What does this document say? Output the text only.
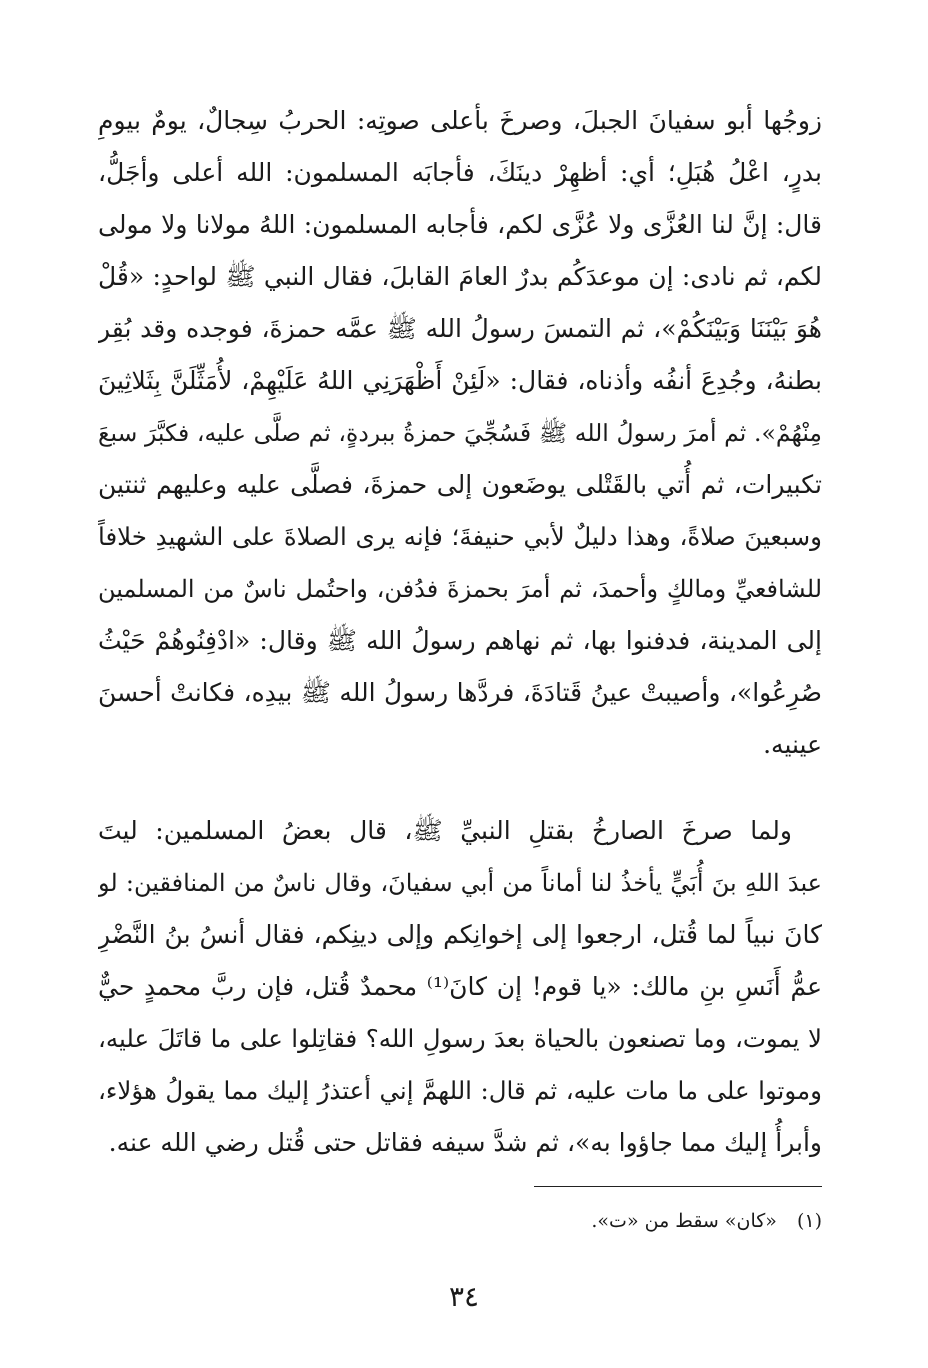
زوجُها أبو سفيانَ الجبلَ، وصرخَ بأعلى صوتِه: الحربُ سِجالٌ، يومٌ بيومِ
بدرٍ، اعْلُ هُبَلِ؛ أي: أظهِرْ دينَكَ، فأجابَه المسلمون: الله أعلى وأجَلُّ،
قال: إنَّ لنا العُزَّى ولا عُزَّى لكم، فأجابه المسلمون: اللهُ مولانا ولا مولى
لكم، ثم نادى: إن موعدَكُم بدرٌ العامَ القابلَ، فقال النبي ﷺ لواحدٍ: «قُلْ
هُوَ بَيْنَنَا وَبَيْنَكُمْ»، ثم التمسَ رسولُ الله ﷺ عمَّه حمزةَ، فوجده وقد بُقِر
بطنهُ، وجُدِعَ أنفُه وأذناه، فقال: «لَئِنْ أَظْهَرَنِي اللهُ عَلَيْهِمْ، لأُمَثِّلَنَّ بِثَلاثِينَ
مِنْهُمْ». ثم أمرَ رسولُ الله ﷺ فَسُجِّيَ حمزةُ ببردةٍ، ثم صلَّى عليه، فكبَّرَ سبعَ
تكبيرات، ثم أُتي بالقَتْلى يوضَعون إلى حمزةَ، فصلَّى عليه وعليهم ثنتين
وسبعينَ صلاةً، وهذا دليلٌ لأبي حنيفةَ؛ فإنه يرى الصلاةَ على الشهيدِ خلافاً
للشافعيِّ ومالكٍ وأحمدَ، ثم أمرَ بحمزةَ فدُفن، واحتُمل ناسٌ من المسلمين
إلى المدينة، فدفنوا بها، ثم نهاهم رسولُ الله ﷺ وقال: «ادْفِنُوهُمْ حَيْثُ
صُرِعُوا»، وأصيبتْ عينُ قَتادَةَ، فردَّها رسولُ الله ﷺ بيدِه، فكانتْ أحسنَ
عينيه.
ولما صرخَ الصارخُ بقتلِ النبيِّ ﷺ، قال بعضُ المسلمين: ليتَ
عبدَ اللهِ بنَ أُبَيٍّ يأخذُ لنا أماناً من أبي سفيانَ، وقال ناسٌ من المنافقين: لو
كانَ نبياً لما قُتل، ارجعوا إلى إخوانِكم وإلى دينِكم، فقال أنسُ بنُ النَّضْرِ
عمُّ أَنَسِ بنِ مالك: «يا قوم! إن كانَ⁽¹⁾ محمدٌ قُتل، فإن ربَّ محمدٍ حيٌّ
لا يموت، وما تصنعون بالحياة بعدَ رسولِ الله؟ فقاتِلوا على ما قاتَلَ عليه،
وموتوا على ما مات عليه، ثم قال: اللهمَّ إني أعتذرُ إليك مما يقولُ هؤلاء،
وأبرأُ إليك مما جاؤوا به»، ثم شدَّ سيفه فقاتل حتى قُتل رضي الله عنه.
(١)«كان» سقط من «ت».
٣٤
